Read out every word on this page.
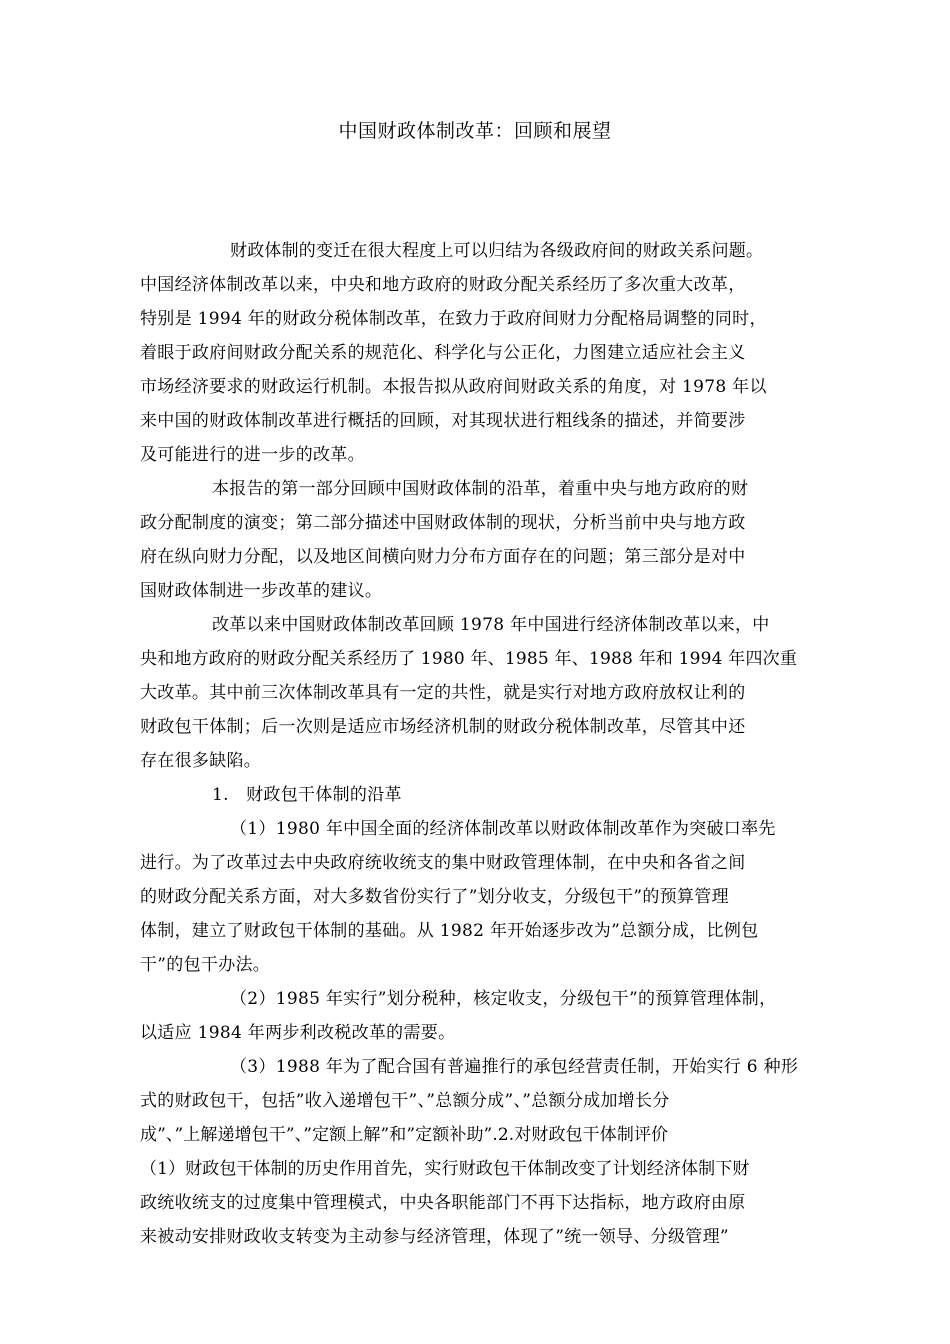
中国财政体制改革：回顾和展望

财政体制的变迁在很大程度上可以归结为各级政府间的财政关系问题。

中国经济体制改革以来，中央和地方政府的财政分配关系经历了多次重大改革，

特别是 1994 年的财政分税体制改革，在致力于政府间财力分配格局调整的同时，

着眼于政府间财政分配关系的规范化、科学化与公正化，力图建立适应社会主义

市场经济要求的财政运行机制。本报告拟从政府间财政关系的角度，对 1978 年以

来中国的财政体制改革进行概括的回顾，对其现状进行粗线条的描述，并简要涉

及可能进行的进一步的改革。

本报告的第一部分回顾中国财政体制的沿革，着重中央与地方政府的财

政分配制度的演变；第二部分描述中国财政体制的现状，分析当前中央与地方政

府在纵向财力分配，以及地区间横向财力分布方面存在的问题；第三部分是对中

国财政体制进一步改革的建议。

改革以来中国财政体制改革回顾 1978 年中国进行经济体制改革以来，中

央和地方政府的财政分配关系经历了 1980 年、1985 年、1988 年和 1994 年四次重

大改革。其中前三次体制改革具有一定的共性，就是实行对地方政府放权让利的

财政包干体制；后一次则是适应市场经济机制的财政分税体制改革，尽管其中还

存在很多缺陷。

1.　财政包干体制的沿革

（1）1980 年中国全面的经济体制改革以财政体制改革作为突破口率先

进行。为了改革过去中央政府统收统支的集中财政管理体制，在中央和各省之间

的财政分配关系方面，对大多数省份实行了”划分收支，分级包干”的预算管理

体制，建立了财政包干体制的基础。从 1982 年开始逐步改为”总额分成，比例包

干”的包干办法。

（2）1985 年实行”划分税种，核定收支，分级包干”的预算管理体制，

以适应 1984 年两步利改税改革的需要。

（3）1988 年为了配合国有普遍推行的承包经营责任制，开始实行 6 种形

式的财政包干，包括”收入递增包干”、”总额分成”、”总额分成加增长分

成”、”上解递增包干”、”定额上解”和”定额补助”.2.对财政包干体制评价

（1）财政包干体制的历史作用首先，实行财政包干体制改变了计划经济体制下财

政统收统支的过度集中管理模式，中央各职能部门不再下达指标，地方政府由原

来被动安排财政收支转变为主动参与经济管理，体现了”统一领导、分级管理”
